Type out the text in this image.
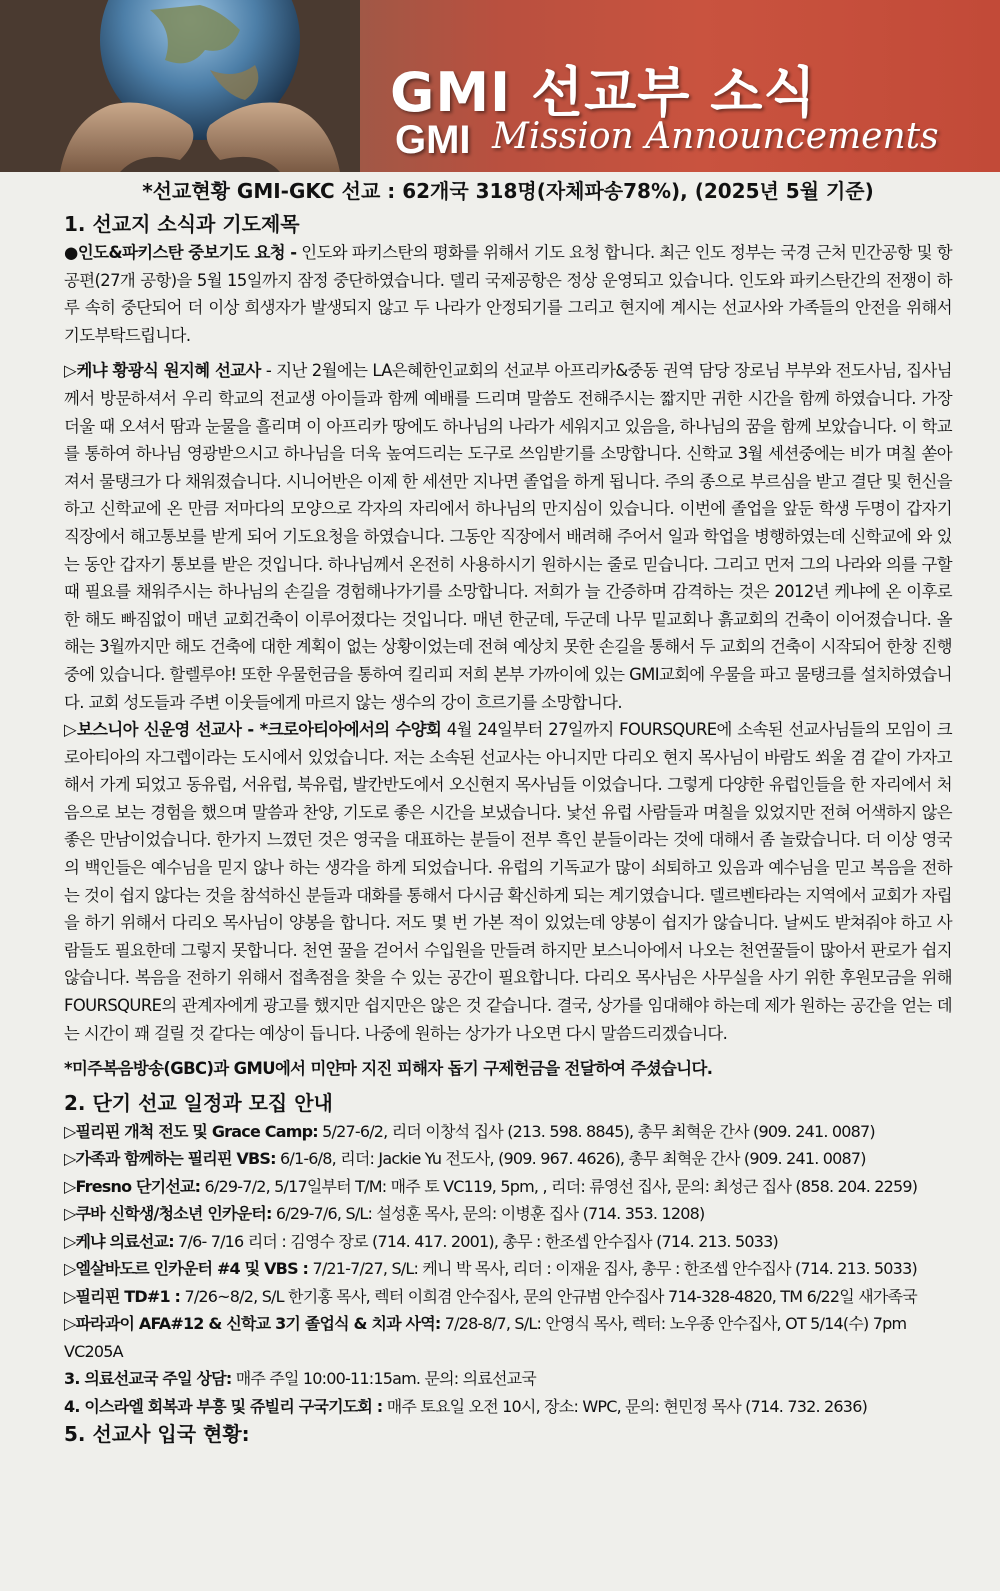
GMI 선교부 소식
GMI Mission Announcements
*선교현황 GMI-GKC 선교 : 62개국 318명(자체파송78%), (2025년 5월 기준)
1. 선교지 소식과 기도제목

●인도&파키스탄 중보기도 요청 - 인도와 파키스탄의 평화를 위해서 기도 요청 합니다. 최근 인도 정부는 국경 근처 민간공항 및 항공편(27개 공항)을 5월 15일까지 잠정 중단하였습니다. 델리 국제공항은 정상 운영되고 있습니다. 인도와 파키스탄간의 전쟁이 하루 속히 중단되어 더 이상 희생자가 발생되지 않고 두 나라가 안정되기를 그리고 현지에 계시는 선교사와 가족들의 안전을 위해서 기도부탁드립니다.

▷케냐 황광식 원지혜 선교사 - 지난 2월에는 LA은혜한인교회의 선교부 아프리카&중동 권역 담당 장로님 부부와 전도사님, 집사님께서 방문하셔서 우리 학교의 전교생 아이들과 함께 예배를 드리며 말씀도 전해주시는 짧지만 귀한 시간을 함께 하였습니다. 가장 더울 때 오셔서 땀과 눈물을 흘리며 이 아프리카 땅에도 하나님의 나라가 세워지고 있음을, 하나님의 꿈을 함께 보았습니다. 이 학교를 통하여 하나님 영광받으시고 하나님을 더욱 높여드리는 도구로 쓰임받기를 소망합니다. 신학교 3월 세션중에는 비가 며칠 쏟아져서 물탱크가 다 채워졌습니다. 시니어반은 이제 한 세션만 지나면 졸업을 하게 됩니다. 주의 종으로 부르심을 받고 결단 및 헌신을 하고 신학교에 온 만큼 저마다의 모양으로 각자의 자리에서 하나님의 만지심이 있습니다. 이번에 졸업을 앞둔 학생 두명이 갑자기 직장에서 해고통보를 받게 되어 기도요청을 하였습니다. 그동안 직장에서 배려해 주어서 일과 학업을 병행하였는데 신학교에 와 있는 동안 갑자기 통보를 받은 것입니다. 하나님께서 온전히 사용하시기 원하시는 줄로 믿습니다. 그리고 먼저 그의 나라와 의를 구할 때 필요를 채워주시는 하나님의 손길을 경험해나가기를 소망합니다. 저희가 늘 간증하며 감격하는 것은 2012년 케냐에 온 이후로 한 해도 빠짐없이 매년 교회건축이 이루어졌다는 것입니다. 매년 한군데, 두군데 나무 밑교회나 흙교회의 건축이 이어졌습니다. 올해는 3월까지만 해도 건축에 대한 계획이 없는 상황이었는데 전혀 예상치 못한 손길을 통해서 두 교회의 건축이 시작되어 한창 진행 중에 있습니다. 할렐루야! 또한 우물헌금을 통하여 킬리피 저희 본부 가까이에 있는 GMI교회에 우물을 파고 물탱크를 설치하였습니다. 교회 성도들과 주변 이웃들에게 마르지 않는 생수의 강이 흐르기를 소망합니다.

▷보스니아 신운영 선교사 - *크로아티아에서의 수양회 4월 24일부터 27일까지 FOURSQURE에 소속된 선교사님들의 모임이 크로아티아의 자그렙이라는 도시에서 있었습니다. 저는 소속된 선교사는 아니지만 다리오 현지 목사님이 바람도 쐬울 겸 같이 가자고 해서 가게 되었고 동유럽, 서유럽, 북유럽, 발칸반도에서 오신현지 목사님들 이었습니다. 그렇게 다양한 유럽인들을 한 자리에서 처음으로 보는 경험을 했으며 말씀과 찬양, 기도로 좋은 시간을 보냈습니다. 낯선 유럽 사람들과 며칠을 있었지만 전혀 어색하지 않은 좋은 만남이었습니다. 한가지 느꼈던 것은 영국을 대표하는 분들이 전부 흑인 분들이라는 것에 대해서 좀 놀랐습니다. 더 이상 영국의 백인들은 예수님을 믿지 않나 하는 생각을 하게 되었습니다. 유럽의 기독교가 많이 쇠퇴하고 있음과 예수님을 믿고 복음을 전하는 것이 쉽지 않다는 것을 참석하신 분들과 대화를 통해서 다시금 확신하게 되는 계기였습니다. 델르벤타라는 지역에서 교회가 자립을 하기 위해서 다리오 목사님이 양봉을 합니다. 저도 몇 번 가본 적이 있었는데 양봉이 쉽지가 않습니다. 날씨도 받쳐줘야 하고 사람들도 필요한데 그렇지 못합니다. 천연 꿀을 걷어서 수입원을 만들려 하지만 보스니아에서 나오는 천연꿀들이 많아서 판로가 쉽지 않습니다. 복음을 전하기 위해서 접촉점을 찾을 수 있는 공간이 필요합니다. 다리오 목사님은 사무실을 사기 위한 후원모금을 위해 FOURSQURE의 관계자에게 광고를 했지만 쉽지만은 않은 것 같습니다. 결국, 상가를 임대해야 하는데 제가 원하는 공간을 얻는 데는 시간이 꽤 걸릴 것 같다는 예상이 듭니다. 나중에 원하는 상가가 나오면 다시 말씀드리겠습니다.

*미주복음방송(GBC)과 GMU에서 미얀마 지진 피해자 돕기 구제헌금을 전달하여 주셨습니다.

2. 단기 선교 일정과 모집 안내

▷필리핀 개척 전도 및 Grace Camp: 5/27-6/2, 리더 이창석 집사 (213. 598. 8845), 총무 최혁운 간사 (909. 241. 0087)

▷가족과 함께하는 필리핀 VBS: 6/1-6/8, 리더: Jackie Yu 전도사, (909. 967. 4626), 총무 최혁운 간사 (909. 241. 0087)

▷Fresno 단기선교: 6/29-7/2, 5/17일부터 T/M: 매주 토 VC119, 5pm, , 리더: 류영선 집사, 문의: 최성근 집사 (858. 204. 2259)

▷쿠바 신학생/청소년 인카운터: 6/29-7/6, S/L: 설성훈 목사, 문의: 이병훈 집사 (714. 353. 1208)

▷케냐 의료선교: 7/6- 7/16 리더 : 김영수 장로 (714. 417. 2001), 총무 : 한조셉 안수집사 (714. 213. 5033)

▷엘살바도르 인카운터 #4 및 VBS : 7/21-7/27, S/L: 케니 박 목사, 리더 : 이재윤 집사, 총무 : 한조셉 안수집사 (714. 213. 5033)

▷필리핀 TD#1 : 7/26~8/2, S/L 한기홍 목사, 렉터 이희겸 안수집사, 문의 안규범 안수집사 714-328-4820, TM 6/22일 새가족국

▷파라과이 AFA#12 & 신학교 3기 졸업식 & 치과 사역: 7/28-8/7, S/L: 안영식 목사, 렉터: 노우종 안수집사, OT 5/14(수) 7pm VC205A

3. 의료선교국 주일 상담: 매주 주일 10:00-11:15am. 문의: 의료선교국

4. 이스라엘 회복과 부흥 및 쥬빌리 구국기도회 : 매주 토요일 오전 10시, 장소: WPC, 문의: 현민정 목사 (714. 732. 2636)

5. 선교사 입국 현황:
